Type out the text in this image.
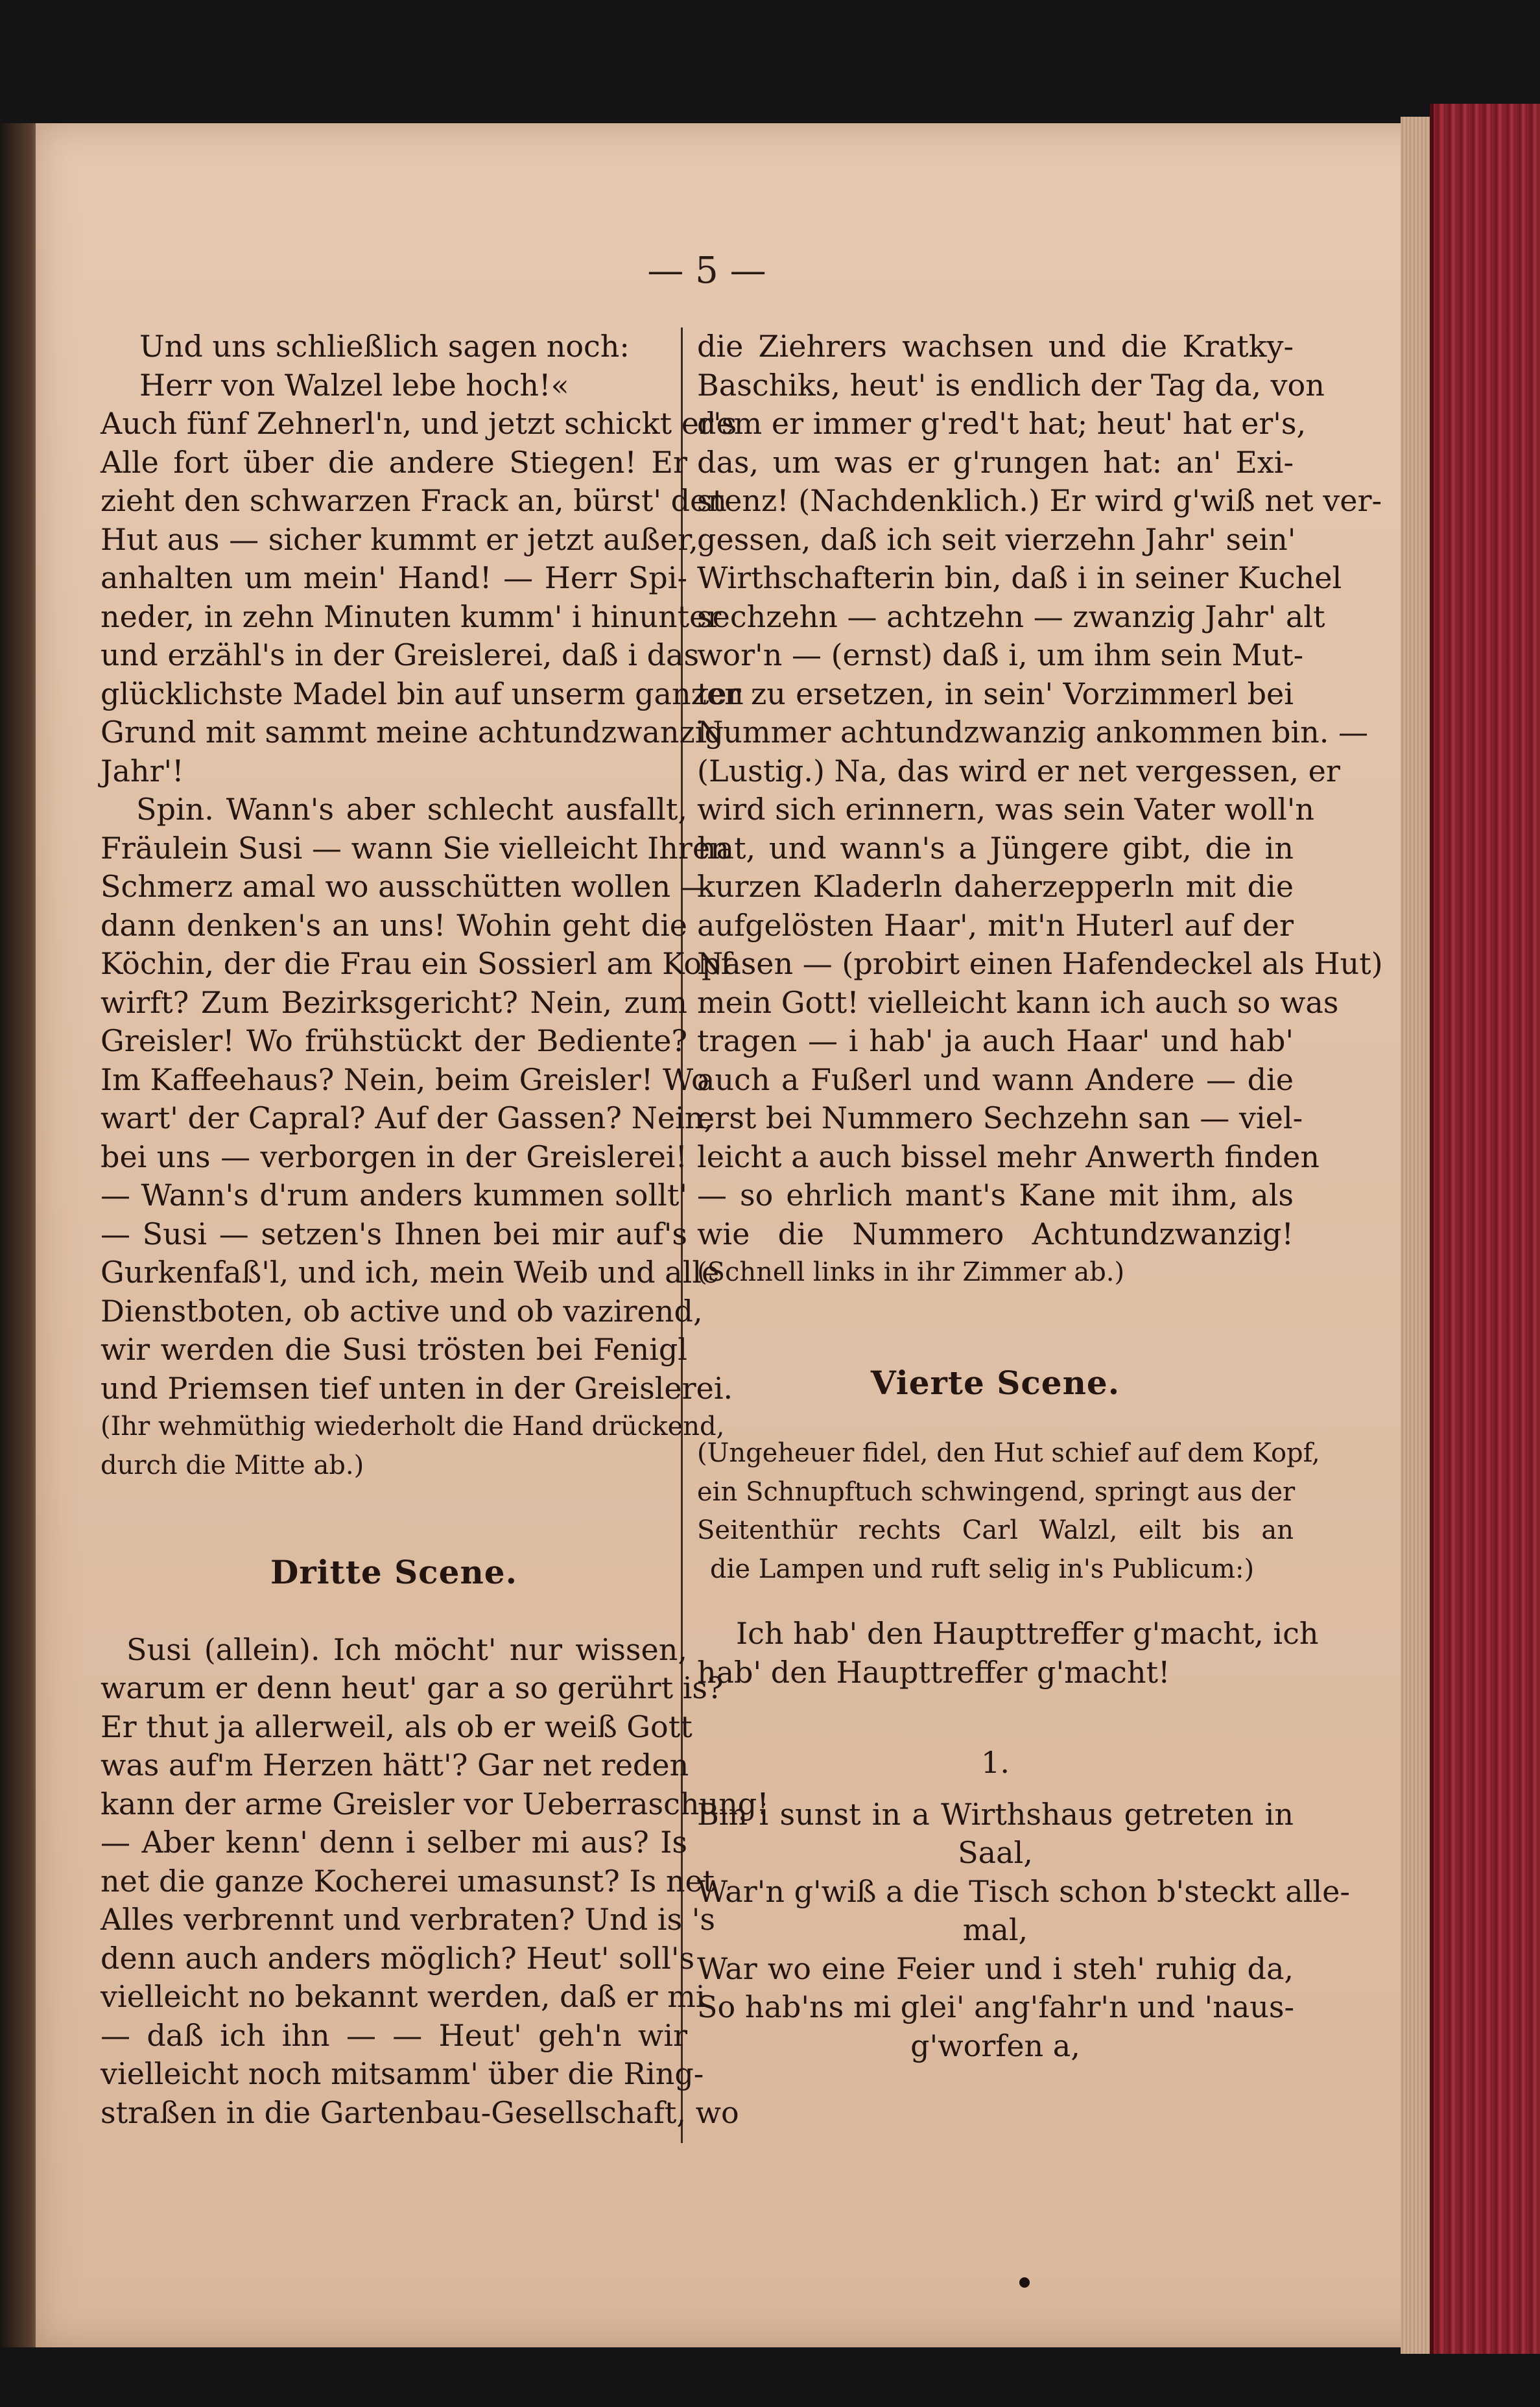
— 5 —
Und uns schließlich sagen noch:
Herr von Walzel lebe hoch!«
Auch fünf Zehnerl'n, und jetzt schickt er's
Alle fort über die andere Stiegen! Er
zieht den schwarzen Frack an, bürst' den
Hut aus — sicher kummt er jetzt außer,
anhalten um mein' Hand! — Herr Spi-
neder, in zehn Minuten kumm' i hinunter
und erzähl's in der Greislerei, daß i das
glücklichste Madel bin auf unserm ganzen
Grund mit sammt meine achtundzwanzig
Jahr'!
Spin. Wann's aber schlecht ausfallt,
Fräulein Susi — wann Sie vielleicht Ihren
Schmerz amal wo ausschütten wollen —
dann denken's an uns! Wohin geht die
Köchin, der die Frau ein Sossierl am Kopf
wirft? Zum Bezirksgericht? Nein, zum
Greisler! Wo frühstückt der Bediente?
Im Kaffeehaus? Nein, beim Greisler! Wo
wart' der Capral? Auf der Gassen? Nein,
bei uns — verborgen in der Greislerei!
— Wann's d'rum anders kummen sollt'
— Susi — setzen's Ihnen bei mir auf's
Gurkenfaß'l, und ich, mein Weib und alle
Dienstboten, ob active und ob vazirend,
wir werden die Susi trösten bei Fenigl
und Priemsen tief unten in der Greislerei.
(Ihr wehmüthig wiederholt die Hand drückend,
durch die Mitte ab.)
Dritte Scene.
Susi (allein). Ich möcht' nur wissen,
warum er denn heut' gar a so gerührt is?
Er thut ja allerweil, als ob er weiß Gott
was auf'm Herzen hätt'? Gar net reden
kann der arme Greisler vor Ueberraschung!
— Aber kenn' denn i selber mi aus? Is
net die ganze Kocherei umasunst? Is net
Alles verbrennt und verbraten? Und is 's
denn auch anders möglich? Heut' soll's
vielleicht no bekannt werden, daß er mi
— daß ich ihn — — Heut' geh'n wir
vielleicht noch mitsamm' über die Ring-
straßen in die Gartenbau-Gesellschaft, wo
die Ziehrers wachsen und die Kratky-
Baschiks, heut' is endlich der Tag da, von
dem er immer g'red't hat; heut' hat er's,
das, um was er g'rungen hat: an' Exi-
stenz! (Nachdenklich.) Er wird g'wiß net ver-
gessen, daß ich seit vierzehn Jahr' sein'
Wirthschafterin bin, daß i in seiner Kuchel
sechzehn — achtzehn — zwanzig Jahr' alt
wor'n — (ernst) daß i, um ihm sein Mut-
ter zu ersetzen, in sein' Vorzimmerl bei
Nummer achtundzwanzig ankommen bin. —
(Lustig.) Na, das wird er net vergessen, er
wird sich erinnern, was sein Vater woll'n
hat, und wann's a Jüngere gibt, die in
kurzen Kladerln daherzepperln mit die
aufgelösten Haar', mit'n Huterl auf der
Nasen — (probirt einen Hafendeckel als Hut)
mein Gott! vielleicht kann ich auch so was
tragen — i hab' ja auch Haar' und hab'
auch a Fußerl und wann Andere — die
erst bei Nummero Sechzehn san — viel-
leicht a auch bissel mehr Anwerth finden
— so ehrlich mant's Kane mit ihm, als
wie die Nummero Achtundzwanzig!
(Schnell links in ihr Zimmer ab.)
Vierte Scene.
(Ungeheuer fidel, den Hut schief auf dem Kopf,
ein Schnupftuch schwingend, springt aus der
Seitenthür rechts Carl Walzl, eilt bis an
die Lampen und ruft selig in's Publicum:)
Ich hab' den Haupttreffer g'macht, ich
hab' den Haupttreffer g'macht!
1.
Bin i sunst in a Wirthshaus getreten in
Saal,
War'n g'wiß a die Tisch schon b'steckt alle-
mal,
War wo eine Feier und i steh' ruhig da,
So hab'ns mi glei' ang'fahr'n und 'naus-
g'worfen a,
